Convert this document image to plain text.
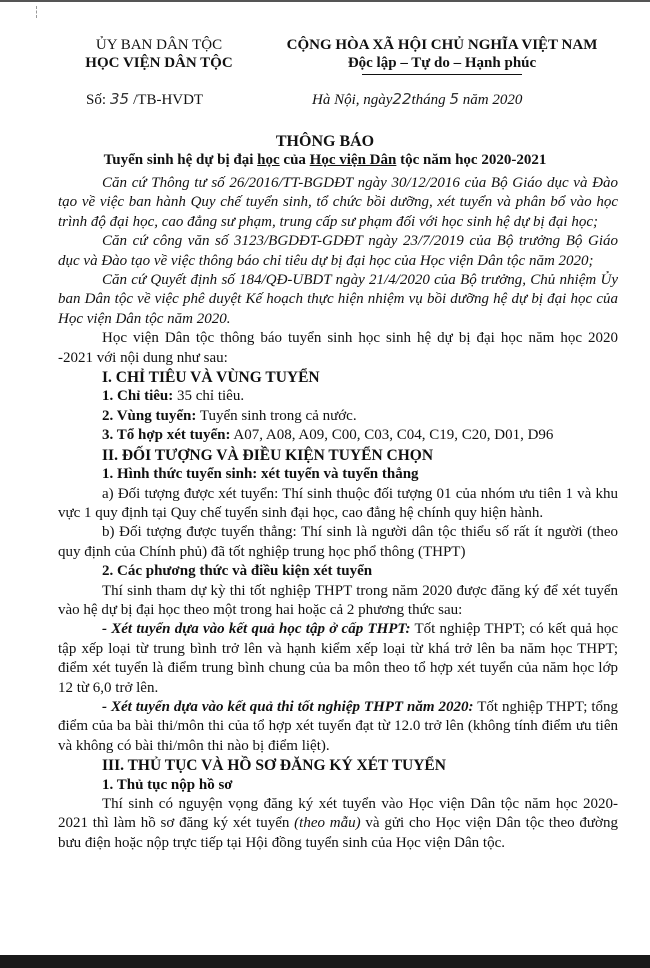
ỦY BAN DÂN TỘC
HỌC VIỆN DÂN TỘC
CỘNG HÒA XÃ HỘI CHỦ NGHĨA VIỆT NAM
Độc lập – Tự do – Hạnh phúc
Số: 35 /TB-HVDT	Hà Nội, ngày22tháng 5 năm 2020
THÔNG BÁO
Tuyển sinh hệ dự bị đại học của Học viện Dân tộc năm học 2020-2021

Căn cứ Thông tư số 26/2016/TT-BGDĐT ngày 30/12/2016 của Bộ Giáo dục và Đào tạo về việc ban hành Quy chế tuyển sinh, tổ chức bồi dưỡng, xét tuyển và phân bổ vào học trình độ đại học, cao đẳng sư phạm, trung cấp sư phạm đối với học sinh hệ dự bị đại học;

Căn cứ công văn số 3123/BGDĐT-GDĐT ngày 23/7/2019 của Bộ trưởng Bộ Giáo dục và Đào tạo về việc thông báo chỉ tiêu dự bị đại học của Học viện Dân tộc năm 2020;

Căn cứ Quyết định số 184/QĐ-UBDT ngày 21/4/2020 của Bộ trưởng, Chủ nhiệm Ủy ban Dân tộc về việc phê duyệt Kế hoạch thực hiện nhiệm vụ bồi dưỡng hệ dự bị đại học của Học viện Dân tộc năm 2020.

Học viện Dân tộc thông báo tuyển sinh học sinh hệ dự bị đại học năm học 2020 -2021 với nội dung như sau:

I. CHỈ TIÊU VÀ VÙNG TUYỂN

1. Chỉ tiêu: 35 chỉ tiêu.

2. Vùng tuyển: Tuyển sinh trong cả nước.

3. Tổ hợp xét tuyển: A07, A08, A09, C00, C03, C04, C19, C20, D01, D96

II. ĐỐI TƯỢNG VÀ ĐIỀU KIỆN TUYỂN CHỌN

1. Hình thức tuyển sinh: xét tuyển và tuyển thẳng

a) Đối tượng được xét tuyển: Thí sinh thuộc đối tượng 01 của nhóm ưu tiên 1 và khu vực 1 quy định tại Quy chế tuyển sinh đại học, cao đẳng hệ chính quy hiện hành.

b) Đối tượng được tuyển thẳng: Thí sinh là người dân tộc thiểu số rất ít người (theo quy định của Chính phủ) đã tốt nghiệp trung học phổ thông (THPT)

2. Các phương thức và điều kiện xét tuyển

Thí sinh tham dự kỳ thi tốt nghiệp THPT trong năm 2020 được đăng ký để xét tuyển vào hệ dự bị đại học theo một trong hai hoặc cả 2 phương thức sau:

- Xét tuyển dựa vào kết quả học tập ở cấp THPT: Tốt nghiệp THPT; có kết quả học tập xếp loại từ trung bình trở lên và hạnh kiểm xếp loại từ khá trở lên ba năm học THPT; điểm xét tuyển là điểm trung bình chung của ba môn theo tổ hợp xét tuyển của năm học lớp 12 từ 6,0 trở lên.

- Xét tuyển dựa vào kết quả thi tốt nghiệp THPT năm 2020: Tốt nghiệp THPT; tổng điểm của ba bài thi/môn thi của tổ hợp xét tuyển đạt từ 12.0 trở lên (không tính điểm ưu tiên và không có bài thi/môn thi nào bị điểm liệt).

III. THỦ TỤC VÀ HỒ SƠ ĐĂNG KÝ XÉT TUYỂN

1. Thủ tục nộp hồ sơ

Thí sinh có nguyện vọng đăng ký xét tuyển vào Học viện Dân tộc năm học 2020-2021 thì làm hồ sơ đăng ký xét tuyển (theo mẫu) và gửi cho Học viện Dân tộc theo đường bưu điện hoặc nộp trực tiếp tại Hội đồng tuyển sinh của Học viện Dân tộc.
